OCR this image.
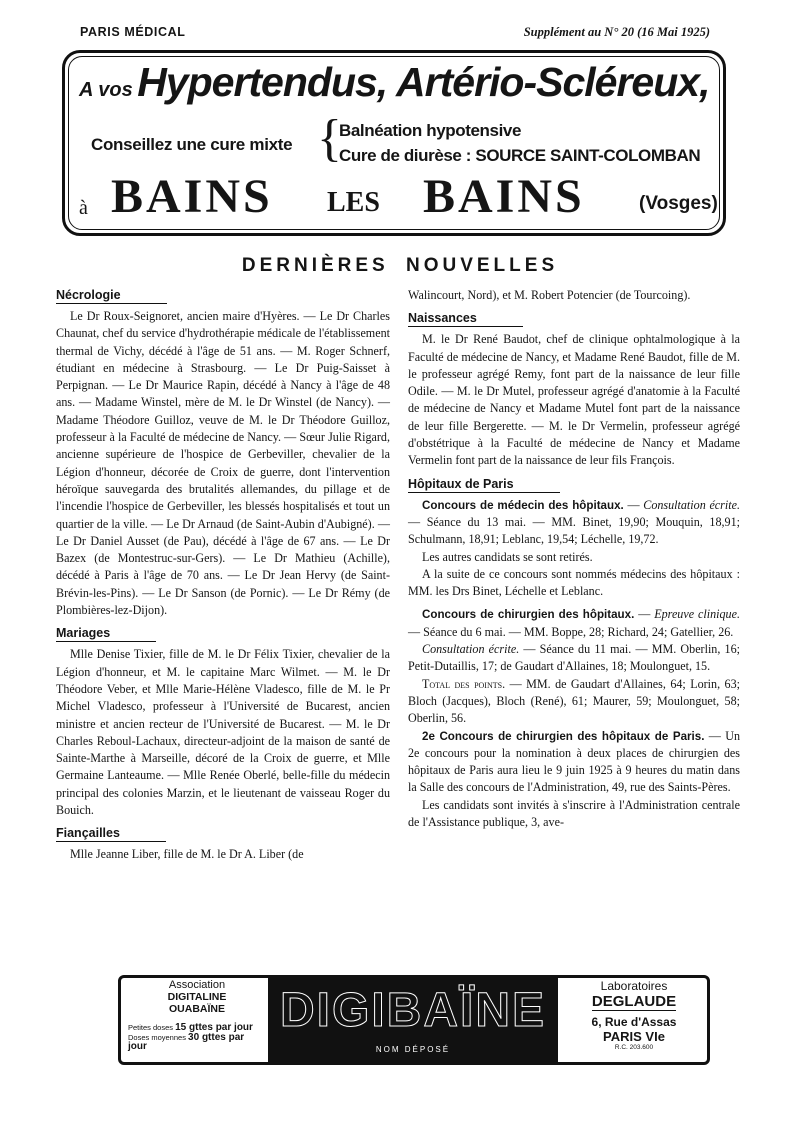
PARIS MÉDICAL	Supplément au N° 20 (16 Mai 1925)
A vos Hypertendus, Artério-Scléreux,
Conseillez une cure mixte {
Balnéation hypotensive
Cure de diurèse : SOURCE SAINT-COLOMBAN
à BAINS LES BAINS	(Vosges)
DERNIÈRES NOUVELLES
Nécrologie

Le Dr Roux-Seignoret, ancien maire d'Hyères. — Le Dr Charles Chaunat, chef du service d'hydrothérapie médicale de l'établissement thermal de Vichy, décédé à l'âge de 51 ans. — M. Roger Schnerf, étudiant en médecine à Strasbourg. — Le Dr Puig-Saisset à Perpignan. — Le Dr Maurice Rapin, décédé à Nancy à l'âge de 48 ans. — Madame Winstel, mère de M. le Dr Winstel (de Nancy). — Madame Théodore Guilloz, veuve de M. le Dr Théodore Guilloz, professeur à la Faculté de médecine de Nancy. — Sœur Julie Rigard, ancienne supérieure de l'hospice de Gerbeviller, chevalier de la Légion d'honneur, décorée de Croix de guerre, dont l'intervention héroïque sauvegarda des brutalités allemandes, du pillage et de l'incendie l'hospice de Gerbeviller, les blessés hospitalisés et tout un quartier de la ville. — Le Dr Arnaud (de Saint-Aubin d'Aubigné). — Le Dr Daniel Ausset (de Pau), décédé à l'âge de 67 ans. — Le Dr Bazex (de Montestruc-sur-Gers). — Le Dr Mathieu (Achille), décédé à Paris à l'âge de 70 ans. — Le Dr Jean Hervy (de Saint-Brévin-les-Pins). — Le Dr Sanson (de Pornic). — Le Dr Rémy (de Plombières-lez-Dijon).

Mariages

Mlle Denise Tixier, fille de M. le Dr Félix Tixier, chevalier de la Légion d'honneur, et M. le capitaine Marc Wilmet. — M. le Dr Théodore Veber, et Mlle Marie-Hélène Vladesco, fille de M. le Pr Michel Vladesco, professeur à l'Université de Bucarest, ancien ministre et ancien recteur de l'Université de Bucarest. — M. le Dr Charles Reboul-Lachaux, directeur-adjoint de la maison de santé de Sainte-Marthe à Marseille, décoré de la Croix de guerre, et Mlle Germaine Lanteaume. — Mlle Renée Oberlé, belle-fille du médecin principal des colonies Marzin, et le lieutenant de vaisseau Roger du Bouich.

Fiançailles

Mlle Jeanne Liber, fille de M. le Dr A. Liber (de

Walincourt, Nord), et M. Robert Potencier (de Tourcoing).

Naissances

M. le Dr René Baudot, chef de clinique ophtalmologique à la Faculté de médecine de Nancy, et Madame René Baudot, fille de M. le professeur agrégé Remy, font part de la naissance de leur fille Odile. — M. le Dr Mutel, professeur agrégé d'anatomie à la Faculté de médecine de Nancy et Madame Mutel font part de la naissance de leur fille Bergerette. — M. le Dr Vermelin, professeur agrégé d'obstétrique à la Faculté de médecine de Nancy et Madame Vermelin font part de la naissance de leur fils François.

Hôpitaux de Paris

Concours de médecin des hôpitaux. — Consultation écrite. — Séance du 13 mai. — MM. Binet, 19,90; Mouquin, 18,91; Schulmann, 18,91; Leblanc, 19,54; Léchelle, 19,72.

Les autres candidats se sont retirés.

A la suite de ce concours sont nommés médecins des hôpitaux : MM. les Drs Binet, Léchelle et Leblanc.

Concours de chirurgien des hôpitaux. — Epreuve clinique. — Séance du 6 mai. — MM. Boppe, 28; Richard, 24; Gatellier, 26.

Consultation écrite. — Séance du 11 mai. — MM. Oberlin, 16; Petit-Dutaillis, 17; de Gaudart d'Allaines, 18; Moulonguet, 15.

Total des points. — MM. de Gaudart d'Allaines, 64; Lorin, 63; Bloch (Jacques), Bloch (René), 61; Maurer, 59; Moulonguet, 58; Oberlin, 56.

2e Concours de chirurgien des hôpitaux de Paris. — Un 2e concours pour la nomination à deux places de chirurgien des hôpitaux de Paris aura lieu le 9 juin 1925 à 9 heures du matin dans la Salle des concours de l'Administration, 49, rue des Saints-Pères.

Les candidats sont invités à s'inscrire à l'Administration centrale de l'Assistance publique, 3, ave-

Association
DIGITALINE
OUABAÏNE
Petites doses 15 gttes par jour
Doses moyennes 30 gttes par jour
DIGIBAÏNE
NOM DÉPOSÉ
Laboratoires
DEGLAUDE
6, Rue d'Assas
PARIS VIe
R.C. 203.600
